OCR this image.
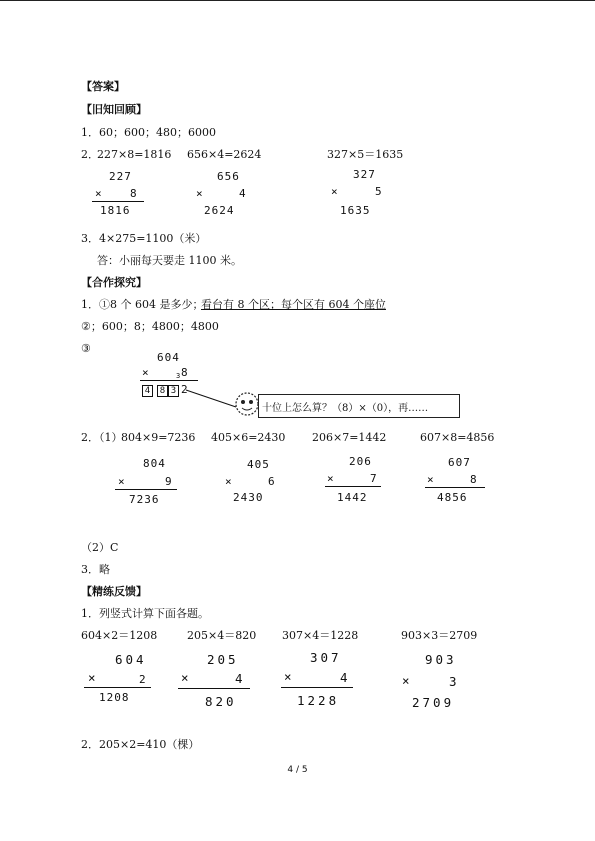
【答案】
【旧知回顾】
1．60；600；480；6000
2．
227×8=1816 656×4=2624	327×5＝1635
227
× 8
1816
656
×	4
2624
327
×	5
1635
3．4×275=1100（米）
答：小丽每天要走 1100 米。
【合作探究】
1．①8 个 604 是多少；
看台有 8 个区；每个区有 604 个座位
②；600；8；4800；4800
③
604
×	3 8
4	8 3 2
十位上怎么算？（8）×（0），再……
2．（1）
804×9=7236 405×6=2430 206×7=1442	607×8=4856
804
×	9
7236
405
×	6
2430
206
×	7
1442
607
×	8
4856
（2）C
3．略
【精练反馈】
1．列竖式计算下面各题。
604×2＝1208	205×4＝820 307×4＝1228	903×3＝2709
604
×	2
1208
205
×	4
820
307
×	4
1228
903
×	3
2709
2．205×2=410（棵）
4 / 5
